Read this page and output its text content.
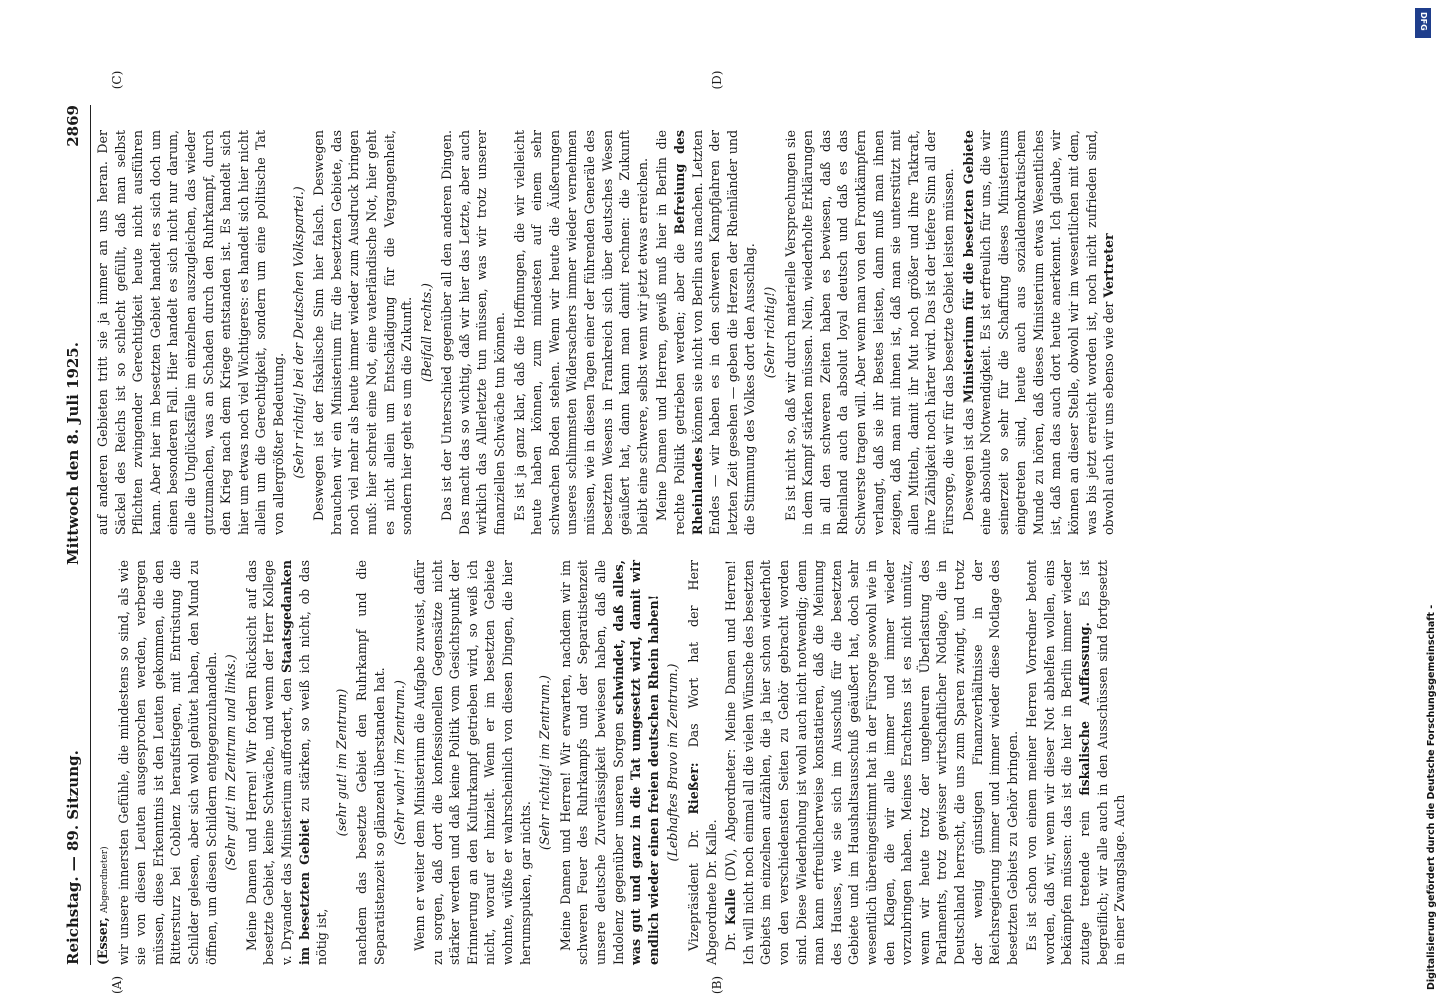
Reichstag. — 89. Sitzung.
Mittwoch den 8. Juli 1925.
2869
(A)	(B)
(C)	(D)

(Esser, Abgeordneter) wir unsere innersten Gefühle, die mindestens so sind, als wie sie von diesen Leuten ausgesprochen werden, verbergen müssen, diese Erkenntnis ist den Leuten gekommen, die den Rittersturz bei Coblenz heraufstiegen, mit Entrüstung die Schilder gelesen, aber sich wohl gehütet haben, den Mund zu öffnen, um diesen Schildern entgegenzuhandeln. (Sehr gut! im Zentrum und links.) Meine Damen und Herren! Wir fordern Rücksicht auf das besetzte Gebiet, keine Schwäche, und wenn der Herr Kollege v. Dryander das Ministerium auffordert, den Staatsgedanken im besetzten Gebiet zu stärken, so weiß ich nicht, ob das nötig ist,

(sehr gut! im Zentrum) nachdem das besetzte Gebiet den Ruhrkampf und die Separatistenzeit so glänzend überstanden hat. (Sehr wahr! im Zentrum.) Wenn er weiter dem Ministerium die Aufgabe zuweist, dafür zu sorgen, daß dort die konfessionellen Gegensätze nicht stärker werden und daß keine Politik vom Gesichtspunkt der Erinnerung an den Kulturkampf getrieben wird, so weiß ich nicht, worauf er hinzielt. Wenn er im besetzten Gebiete wohnte, wüßte er wahrscheinlich von diesen Dingen, die hier herumspuken, gar nichts.

(Sehr richtig! im Zentrum.) Meine Damen und Herren! Wir erwarten, nachdem wir im schweren Feuer des Ruhrkampfs und der Separatistenzeit unsere deutsche Zuverlässigkeit bewiesen haben, daß alle Indolenz gegenüber unseren Sorgen schwindet, daß alles, was gut und ganz in die Tat umgesetzt wird, damit wir endlich wieder einen freien deutschen Rhein haben! (Lebhaftes Bravo im Zentrum.)

Vizepräsident Dr. Rießer: Das Wort hat der Herr Abgeordnete Dr. Kalle. Dr. Kalle (DV), Abgeordneter: Meine Damen und Herren! Ich will nicht noch einmal all die vielen Wünsche des besetzten Gebiets im einzelnen aufzählen, die ja hier schon wiederholt von den verschiedensten Seiten zu Gehör gebracht worden sind. Diese Wiederholung ist wohl auch nicht notwendig; denn man kann erfreulicherweise konstatieren, daß die Meinung des Hauses, wie sie sich im Ausschuß für die besetzten Gebiete und im Haushaltsausschuß geäußert hat, doch sehr wesentlich übereingestimmt hat in der Fürsorge sowohl wie in den Klagen, die wir alle immer und immer wieder vorzubringen haben. Meines Erachtens ist es nicht unnütz, wenn wir heute trotz der ungeheuren Überlastung des Parlaments, trotz gewisser wirtschaftlicher Notlage, die in Deutschland herrscht, die uns zum Sparen zwingt, und trotz der wenig günstigen Finanzverhältnisse in der Reichsregierung immer und immer wieder diese Notlage des besetzten Gebiets zu Gehör bringen. Es ist schon von einem meiner Herren Vorredner betont worden, daß wir, wenn wir dieser Not abhelfen wollen, eins bekämpfen müssen: das ist die hier in Berlin immer wieder zutage tretende rein fiskalische Auffassung. Es ist begreiflich; wir alle auch in den Ausschüssen sind fortgesetzt in einer Zwangslage. Auch

auf anderen Gebieten tritt sie ja immer an uns heran. Der Säckel des Reichs ist so schlecht gefüllt, daß man selbst Pflichten zwingender Gerechtigkeit heute nicht ausführen kann. Aber hier im besetzten Gebiet handelt es sich doch um einen besonderen Fall. Hier handelt es sich nicht nur darum, alle die Unglücksfälle im einzelnen auszugleichen, das wieder gutzumachen, was an Schaden durch den Ruhrkampf, durch den Krieg nach dem Kriege entstanden ist. Es handelt sich hier um etwas noch viel Wichtigeres: es handelt sich hier nicht allein um die Gerechtigkeit, sondern um eine politische Tat von allergrößter Bedeutung. (Sehr richtig! bei der Deutschen Volkspartei.) Deswegen ist der fiskalische Sinn hier falsch. Deswegen brauchen wir ein Ministerium für die besetzten Gebiete, das noch viel mehr als heute immer wieder zum Ausdruck bringen muß: hier schreit eine Not, eine vaterländische Not, hier geht es nicht allein um Entschädigung für die Vergangenheit, sondern hier geht es um die Zukunft. (Beifall rechts.) Das ist der Unterschied gegenüber all den anderen Dingen. Das macht das so wichtig, daß wir hier das Letzte, aber auch wirklich das Allerletzte tun müssen, was wir trotz unserer finanziellen Schwäche tun können. Es ist ja ganz klar, daß die Hoffnungen, die wir vielleicht heute haben können, zum mindesten auf einem sehr schwachen Boden stehen. Wenn wir heute die Äußerungen unseres schlimmsten Widersachers immer wieder vernehmen müssen, wie in diesen Tagen einer der führenden Generäle des besetzten Wesens in Frankreich sich über deutsches Wesen geäußert hat, dann kann man damit rechnen: die Zukunft bleibt eine schwere, selbst wenn wir jetzt etwas erreichen. Meine Damen und Herren, gewiß muß hier in Berlin die rechte Politik getrieben werden; aber die Befreiung des Rheinlandes können sie nicht von Berlin aus machen. Letzten Endes — wir haben es in den schweren Kampfjahren der letzten Zeit gesehen — geben die Herzen der Rheinländer und die Stimmung des Volkes dort den Ausschlag. (Sehr richtig!) Es ist nicht so, daß wir durch materielle Versprechungen sie in dem Kampf stärken müssen. Nein, wiederholte Erklärungen in all den schweren Zeiten haben es bewiesen, daß das Rheinland auch da absolut loyal deutsch und daß es das Schwerste tragen will. Aber wenn man von den Frontkämpfern verlangt, daß sie ihr Bestes leisten, dann muß man ihnen zeigen, daß man mit ihnen ist, daß man sie unterstützt mit allen Mitteln, damit ihr Mut noch größer und ihre Tatkraft, ihre Zähigkeit noch härter wird. Das ist der tiefere Sinn all der Fürsorge, die wir für das besetzte Gebiet leisten müssen. Deswegen ist das Ministerium für die besetzten Gebiete eine absolute Notwendigkeit. Es ist erfreulich für uns, die wir seinerzeit so sehr für die Schaffung dieses Ministeriums eingetreten sind, heute auch aus sozialdemokratischem Munde zu hören, daß dieses Ministerium etwas Wesentliches ist, daß man das auch dort heute anerkennt. Ich glaube, wir können an dieser Stelle, obwohl wir im wesentlichen mit dem, was bis jetzt erreicht worden ist, noch nicht zufrieden sind, obwohl auch wir uns ebenso wie der Vertreter

Digitalisierung gefördert durch die Deutsche Forschungsgemeinschaft -
DFG
